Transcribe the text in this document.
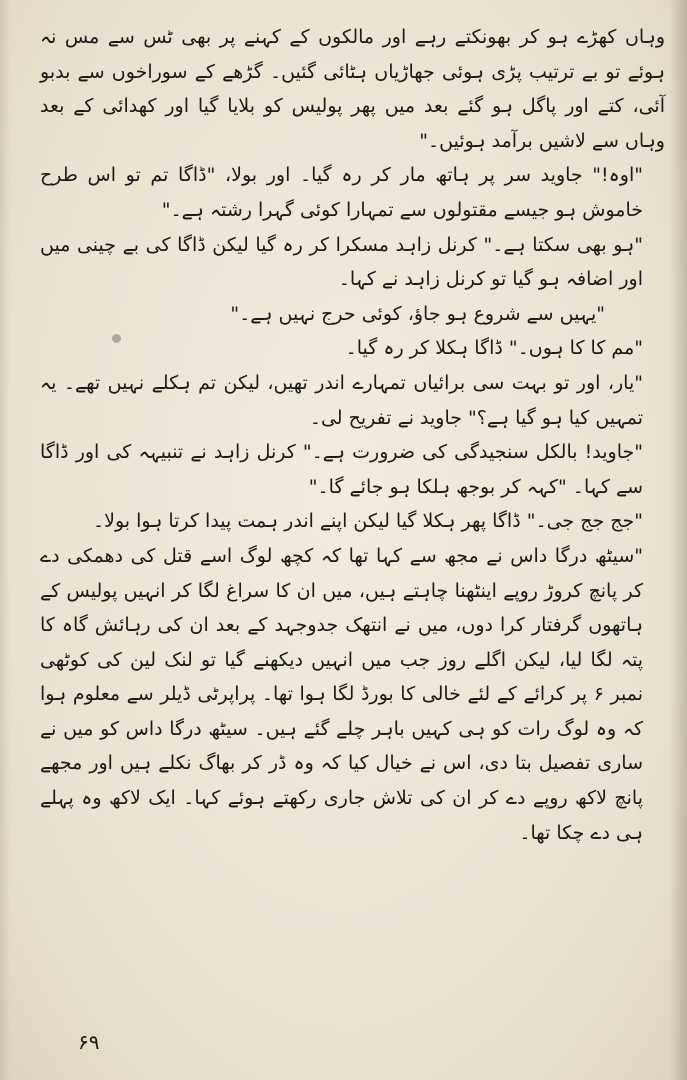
وہاں کھڑے ہو کر بھونکتے رہے اور مالکوں کے کہنے پر بھی ٹس سے مس نہ ہوئے تو بے ترتیب پڑی ہوئی جھاڑیاں ہٹائی گئیں۔ گڑھے کے سوراخوں سے بدبو آئی، کتے اور پاگل ہو گئے بعد میں پھر پولیس کو بلایا گیا اور کھدائی کے بعد وہاں سے لاشیں برآمد ہوئیں۔"

"اوہ!" جاوید سر پر ہاتھ مار کر رہ گیا۔ اور بولا، "ڈاگا تم تو اس طرح خاموش ہو جیسے مقتولوں سے تمہارا کوئی گہرا رشتہ ہے۔"

"ہو بھی سکتا ہے۔" کرنل زاہد مسکرا کر رہ گیا لیکن ڈاگا کی بے چینی میں اور اضافہ ہو گیا تو کرنل زاہد نے کہا۔

"یہیں سے شروع ہو جاؤ، کوئی حرج نہیں ہے۔"

"مم کا کا ہوں۔" ڈاگا ہکلا کر رہ گیا۔

"یار، اور تو بہت سی برائیاں تمہارے اندر تھیں، لیکن تم ہکلے نہیں تھے۔ یہ تمہیں کیا ہو گیا ہے؟" جاوید نے تفریح لی۔

"جاوید! بالکل سنجیدگی کی ضرورت ہے۔" کرنل زاہد نے تنبیہہ کی اور ڈاگا سے کہا۔ "کہہ کر بوجھ ہلکا ہو جائے گا۔"

"جج جج جی۔" ڈاگا پھر ہکلا گیا لیکن اپنے اندر ہمت پیدا کرتا ہوا بولا۔

"سیٹھ درگا داس نے مجھ سے کہا تھا کہ کچھ لوگ اسے قتل کی دھمکی دے کر پانچ کروڑ روپے اینٹھنا چاہتے ہیں، میں ان کا سراغ لگا کر انہیں پولیس کے ہاتھوں گرفتار کرا دوں، میں نے انتھک جدوجہد کے بعد ان کی رہائش گاہ کا پتہ لگا لیا، لیکن اگلے روز جب میں انہیں دیکھنے گیا تو لنک لین کی کوٹھی نمبر ۶ پر کرائے کے لئے خالی کا بورڈ لگا ہوا تھا۔ پراپرٹی ڈیلر سے معلوم ہوا کہ وہ لوگ رات کو ہی کہیں باہر چلے گئے ہیں۔ سیٹھ درگا داس کو میں نے ساری تفصیل بتا دی، اس نے خیال کیا کہ وہ ڈر کر بھاگ نکلے ہیں اور مجھے پانچ لاکھ روپے دے کر ان کی تلاش جاری رکھتے ہوئے کہا۔ ایک لاکھ وہ پہلے ہی دے چکا تھا۔

۶۹
